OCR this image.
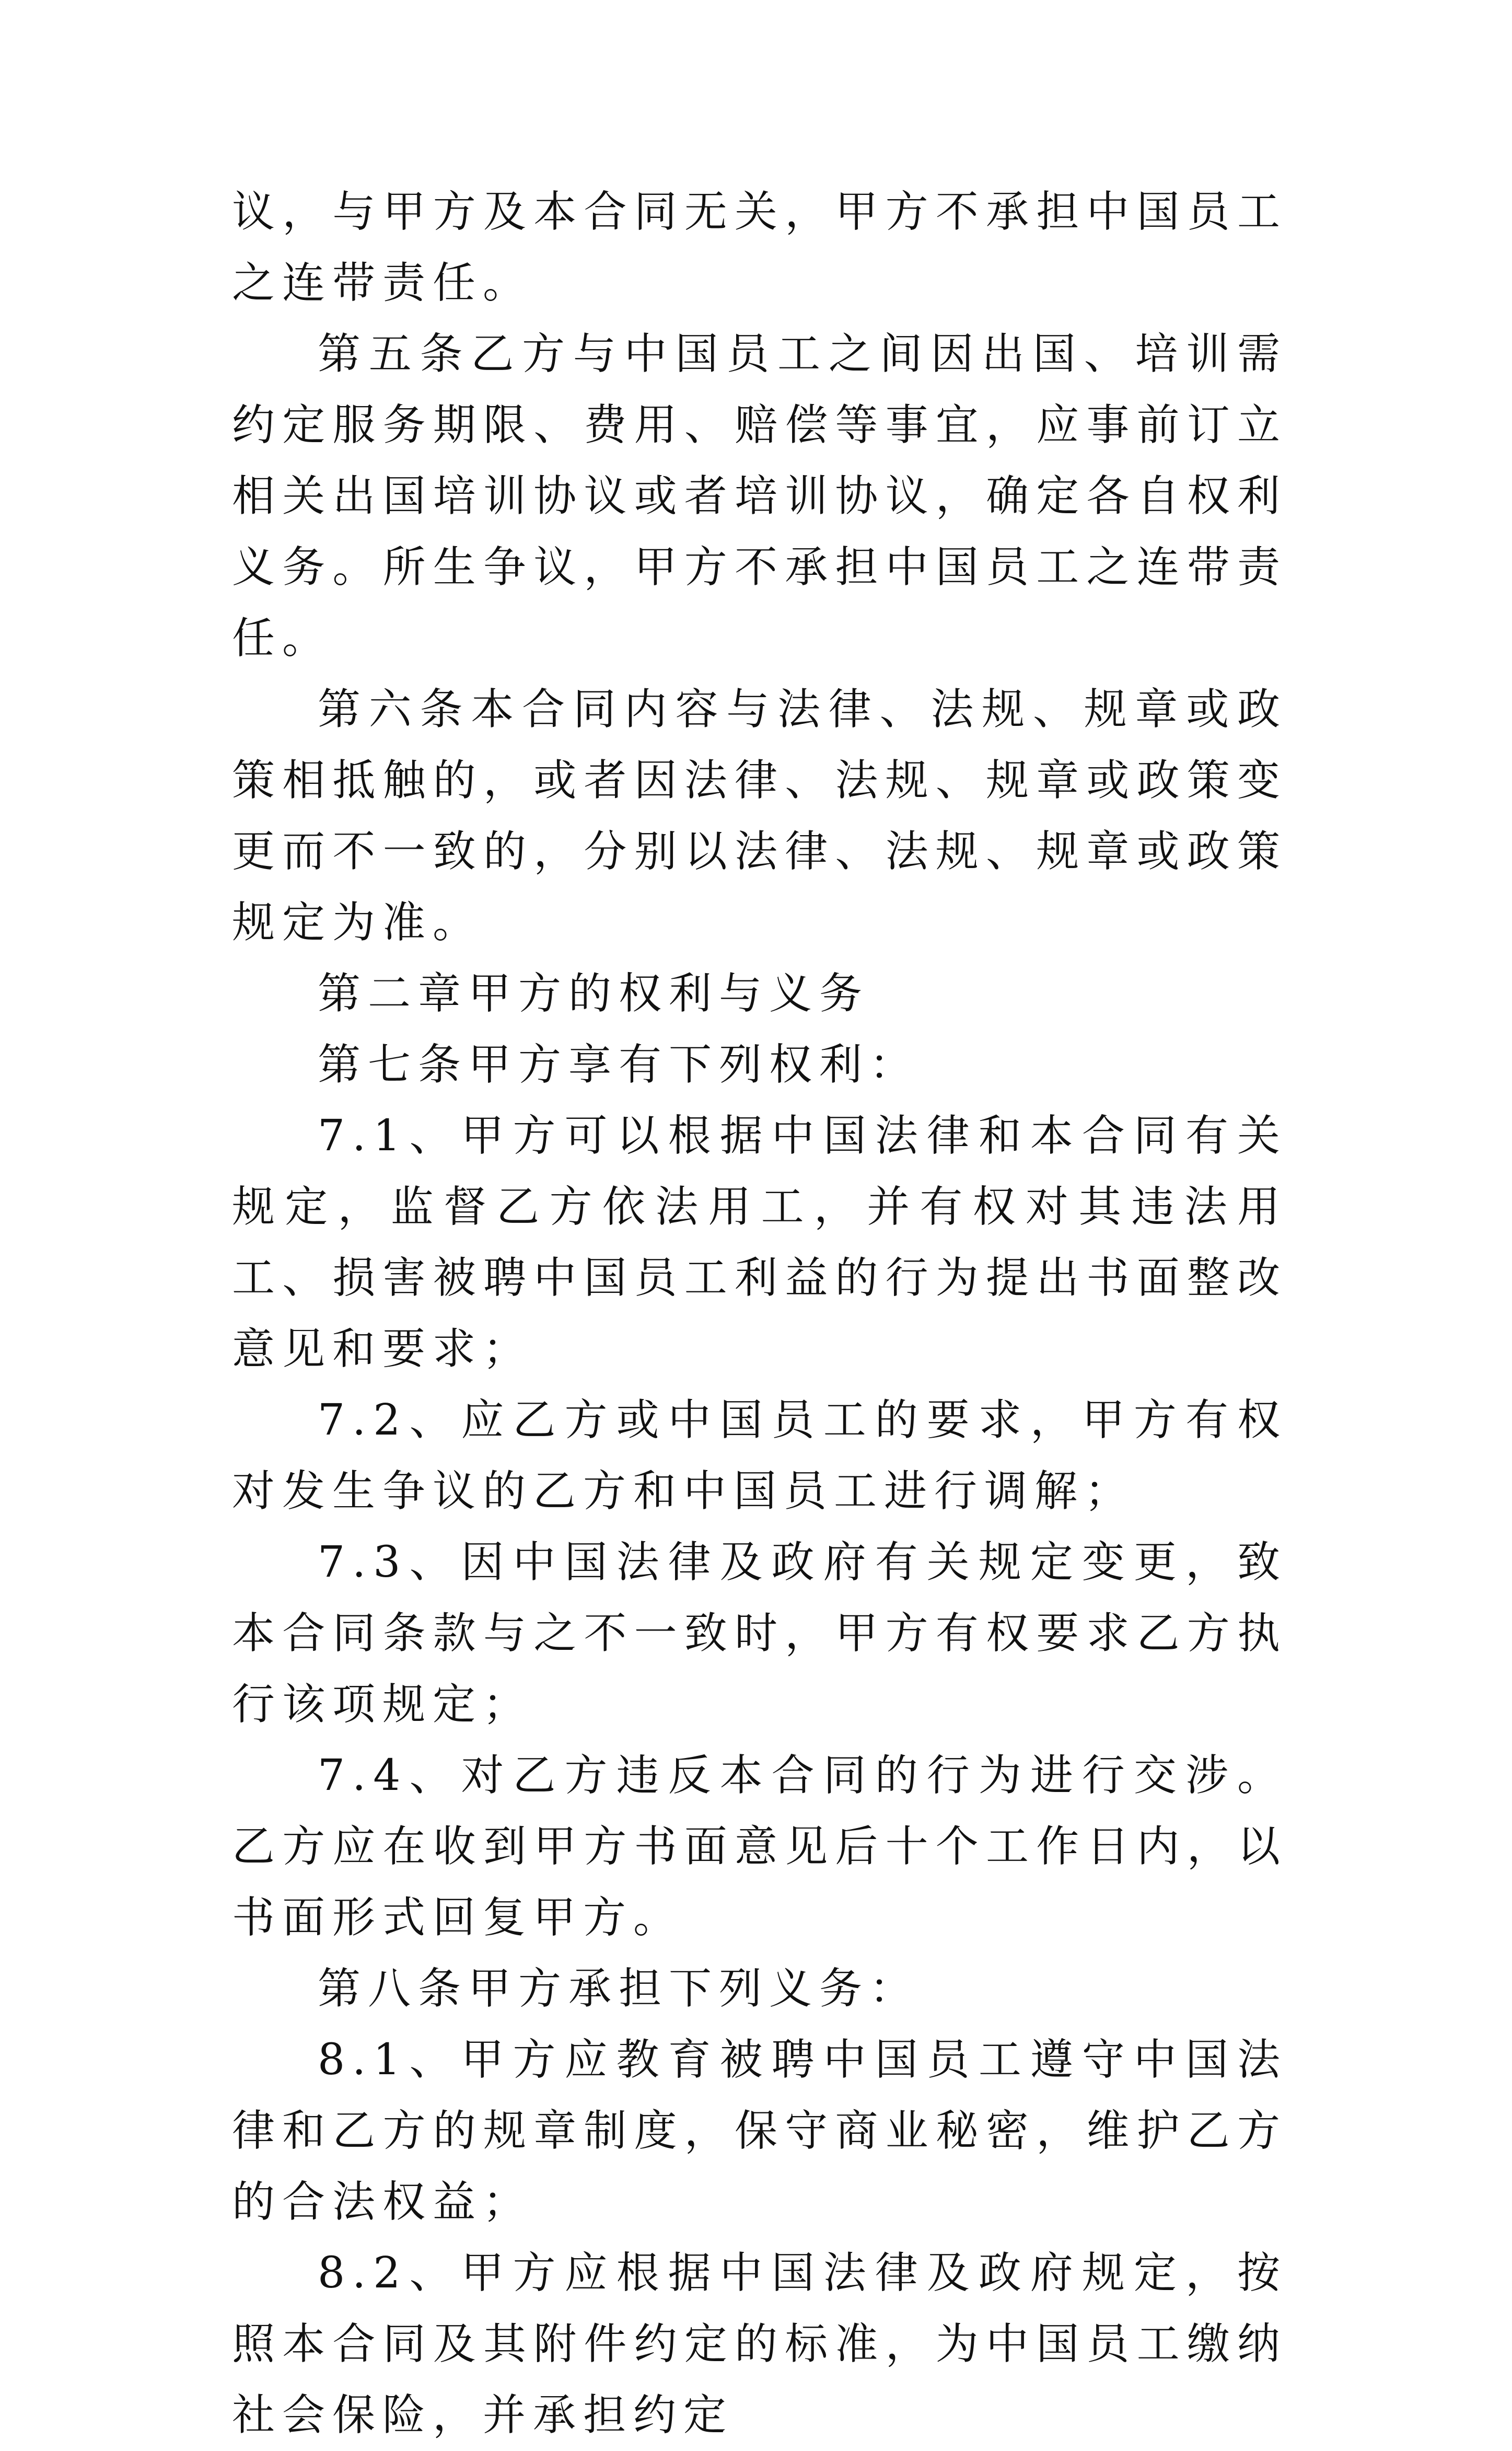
议，与甲方及本合同无关，甲方不承担中国员工之连带责任。

第五条乙方与中国员工之间因出国、培训需约定服务期限、费用、赔偿等事宜，应事前订立相关出国培训协议或者培训协议，确定各自权利义务。所生争议，甲方不承担中国员工之连带责任。

第六条本合同内容与法律、法规、规章或政策相抵触的，或者因法律、法规、规章或政策变更而不一致的，分别以法律、法规、规章或政策规定为准。

第二章甲方的权利与义务

第七条甲方享有下列权利：

7.1、甲方可以根据中国法律和本合同有关规定，监督乙方依法用工，并有权对其违法用工、损害被聘中国员工利益的行为提出书面整改意见和要求；

7.2、应乙方或中国员工的要求，甲方有权对发生争议的乙方和中国员工进行调解；

7.3、因中国法律及政府有关规定变更，致本合同条款与之不一致时，甲方有权要求乙方执行该项规定；

7.4、对乙方违反本合同的行为进行交涉。乙方应在收到甲方书面意见后十个工作日内，以书面形式回复甲方。

第八条甲方承担下列义务：

8.1、甲方应教育被聘中国员工遵守中国法律和乙方的规章制度，保守商业秘密，维护乙方的合法权益；

8.2、甲方应根据中国法律及政府规定，按照本合同及其附件约定的标准，为中国员工缴纳社会保险，并承担约定
